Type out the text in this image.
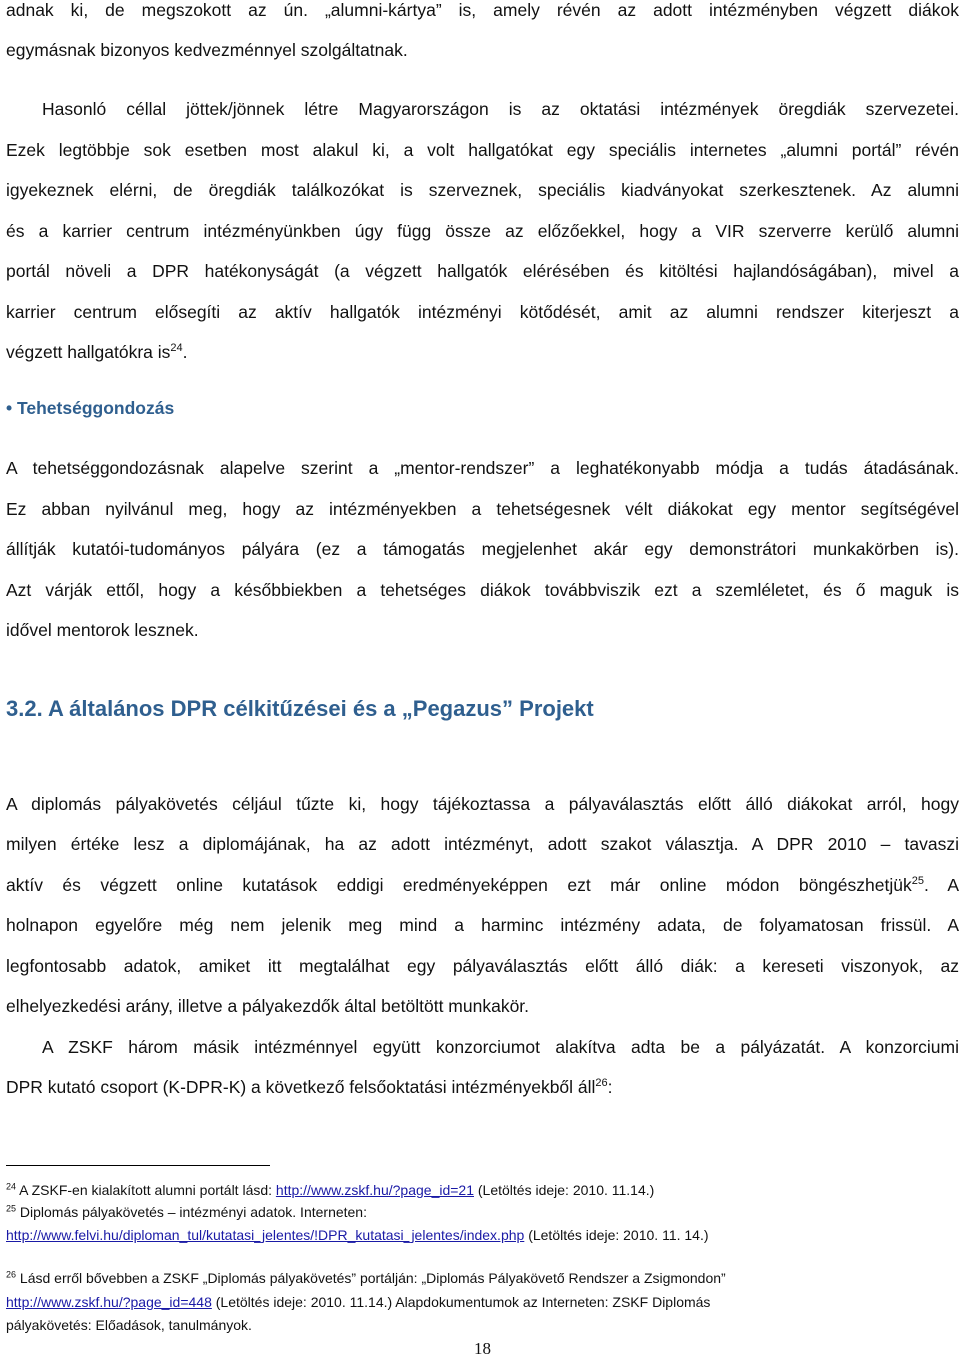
adnak ki, de megszokott az ún. „alumni-kártya” is, amely révén az adott intézményben végzett diákok
egymásnak bizonyos kedvezménnyel szolgáltatnak.
Hasonló céllal jöttek/jönnek létre Magyarországon is az oktatási intézmények öregdiák szervezetei.
Ezek legtöbbje sok esetben most alakul ki, a volt hallgatókat egy speciális internetes „alumni portál” révén
igyekeznek elérni, de öregdiák találkozókat is szerveznek, speciális kiadványokat szerkesztenek. Az alumni
és a karrier centrum intézményünkben úgy függ össze az előzőekkel, hogy a VIR szerverre kerülő alumni
portál növeli a DPR hatékonyságát (a végzett hallgatók elérésében és kitöltési hajlandóságában), mivel a
karrier centrum elősegíti az aktív hallgatók intézményi kötődését, amit az alumni rendszer kiterjeszt a
végzett hallgatókra $is^{24}$.
• Tehetséggondozás
A tehetséggondozásnak alapelve szerint a „mentor-rendszer” a leghatékonyabb módja a tudás átadásának.
Ez abban nyilvánul meg, hogy az intézményekben a tehetségesnek vélt diákokat egy mentor segítségével
állítják kutatói-tudományos pályára (ez a támogatás megjelenhet akár egy demonstrátori munkakörben is).
Azt várják ettől, hogy a későbbiekben a tehetséges diákok továbbviszik ezt a szemléletet, és ő maguk is
idővel mentorok lesznek.
3.2. A általános DPR célkitűzései és a „Pegazus” Projekt
A diplomás pályakövetés céljául tűzte ki, hogy tájékoztassa a pályaválasztás előtt álló diákokat arról, hogy
milyen értéke lesz a diplomájának, ha az adott intézményt, adott szakot választja. A DPR 2010 – tavaszi
aktív és végzett online kutatások eddigi eredményeképpen ezt már online módon böngészhetjük$^{25}$. A
holnapon egyelőre még nem jelenik meg mind a harminc intézmény adata, de folyamatosan frissül. A
legfontosabb adatok, amiket itt megtalálhat egy pályaválasztás előtt álló diák: a kereseti viszonyok, az
elhelyezkedési arány, illetve a pályakezdők által betöltött munkakör.
A ZSKF három másik intézménnyel együtt konzorciumot alakítva adta be a pályázatát. A konzorciumi
DPR kutató csoport (K-DPR-K) a következő felsőoktatási intézményekből áll$^{26}$:
$^{24}$ A ZSKF-en kialakított alumni portált lásd: http://www.zskf.hu/?page_id=21 (Letöltés ideje: 2010. 11.14.)
$^{25}$ Diplomás pályakövetés – intézményi adatok. Interneten:
http://www.felvi.hu/diploman_tul/kutatasi_jelentes/!DPR_kutatasi_jelentes/index.php (Letöltés ideje: 2010. 11. 14.)
$^{26}$ Lásd erről bővebben a ZSKF „Diplomás pályakövetés” portálján: „Diplomás Pályakövető Rendszer a Zsigmondon”
http://www.zskf.hu/?page_id=448 (Letöltés ideje: 2010. 11.14.) Alapdokumentumok az Interneten: ZSKF Diplomás
pályakövetés: Előadások, tanulmányok.
18
